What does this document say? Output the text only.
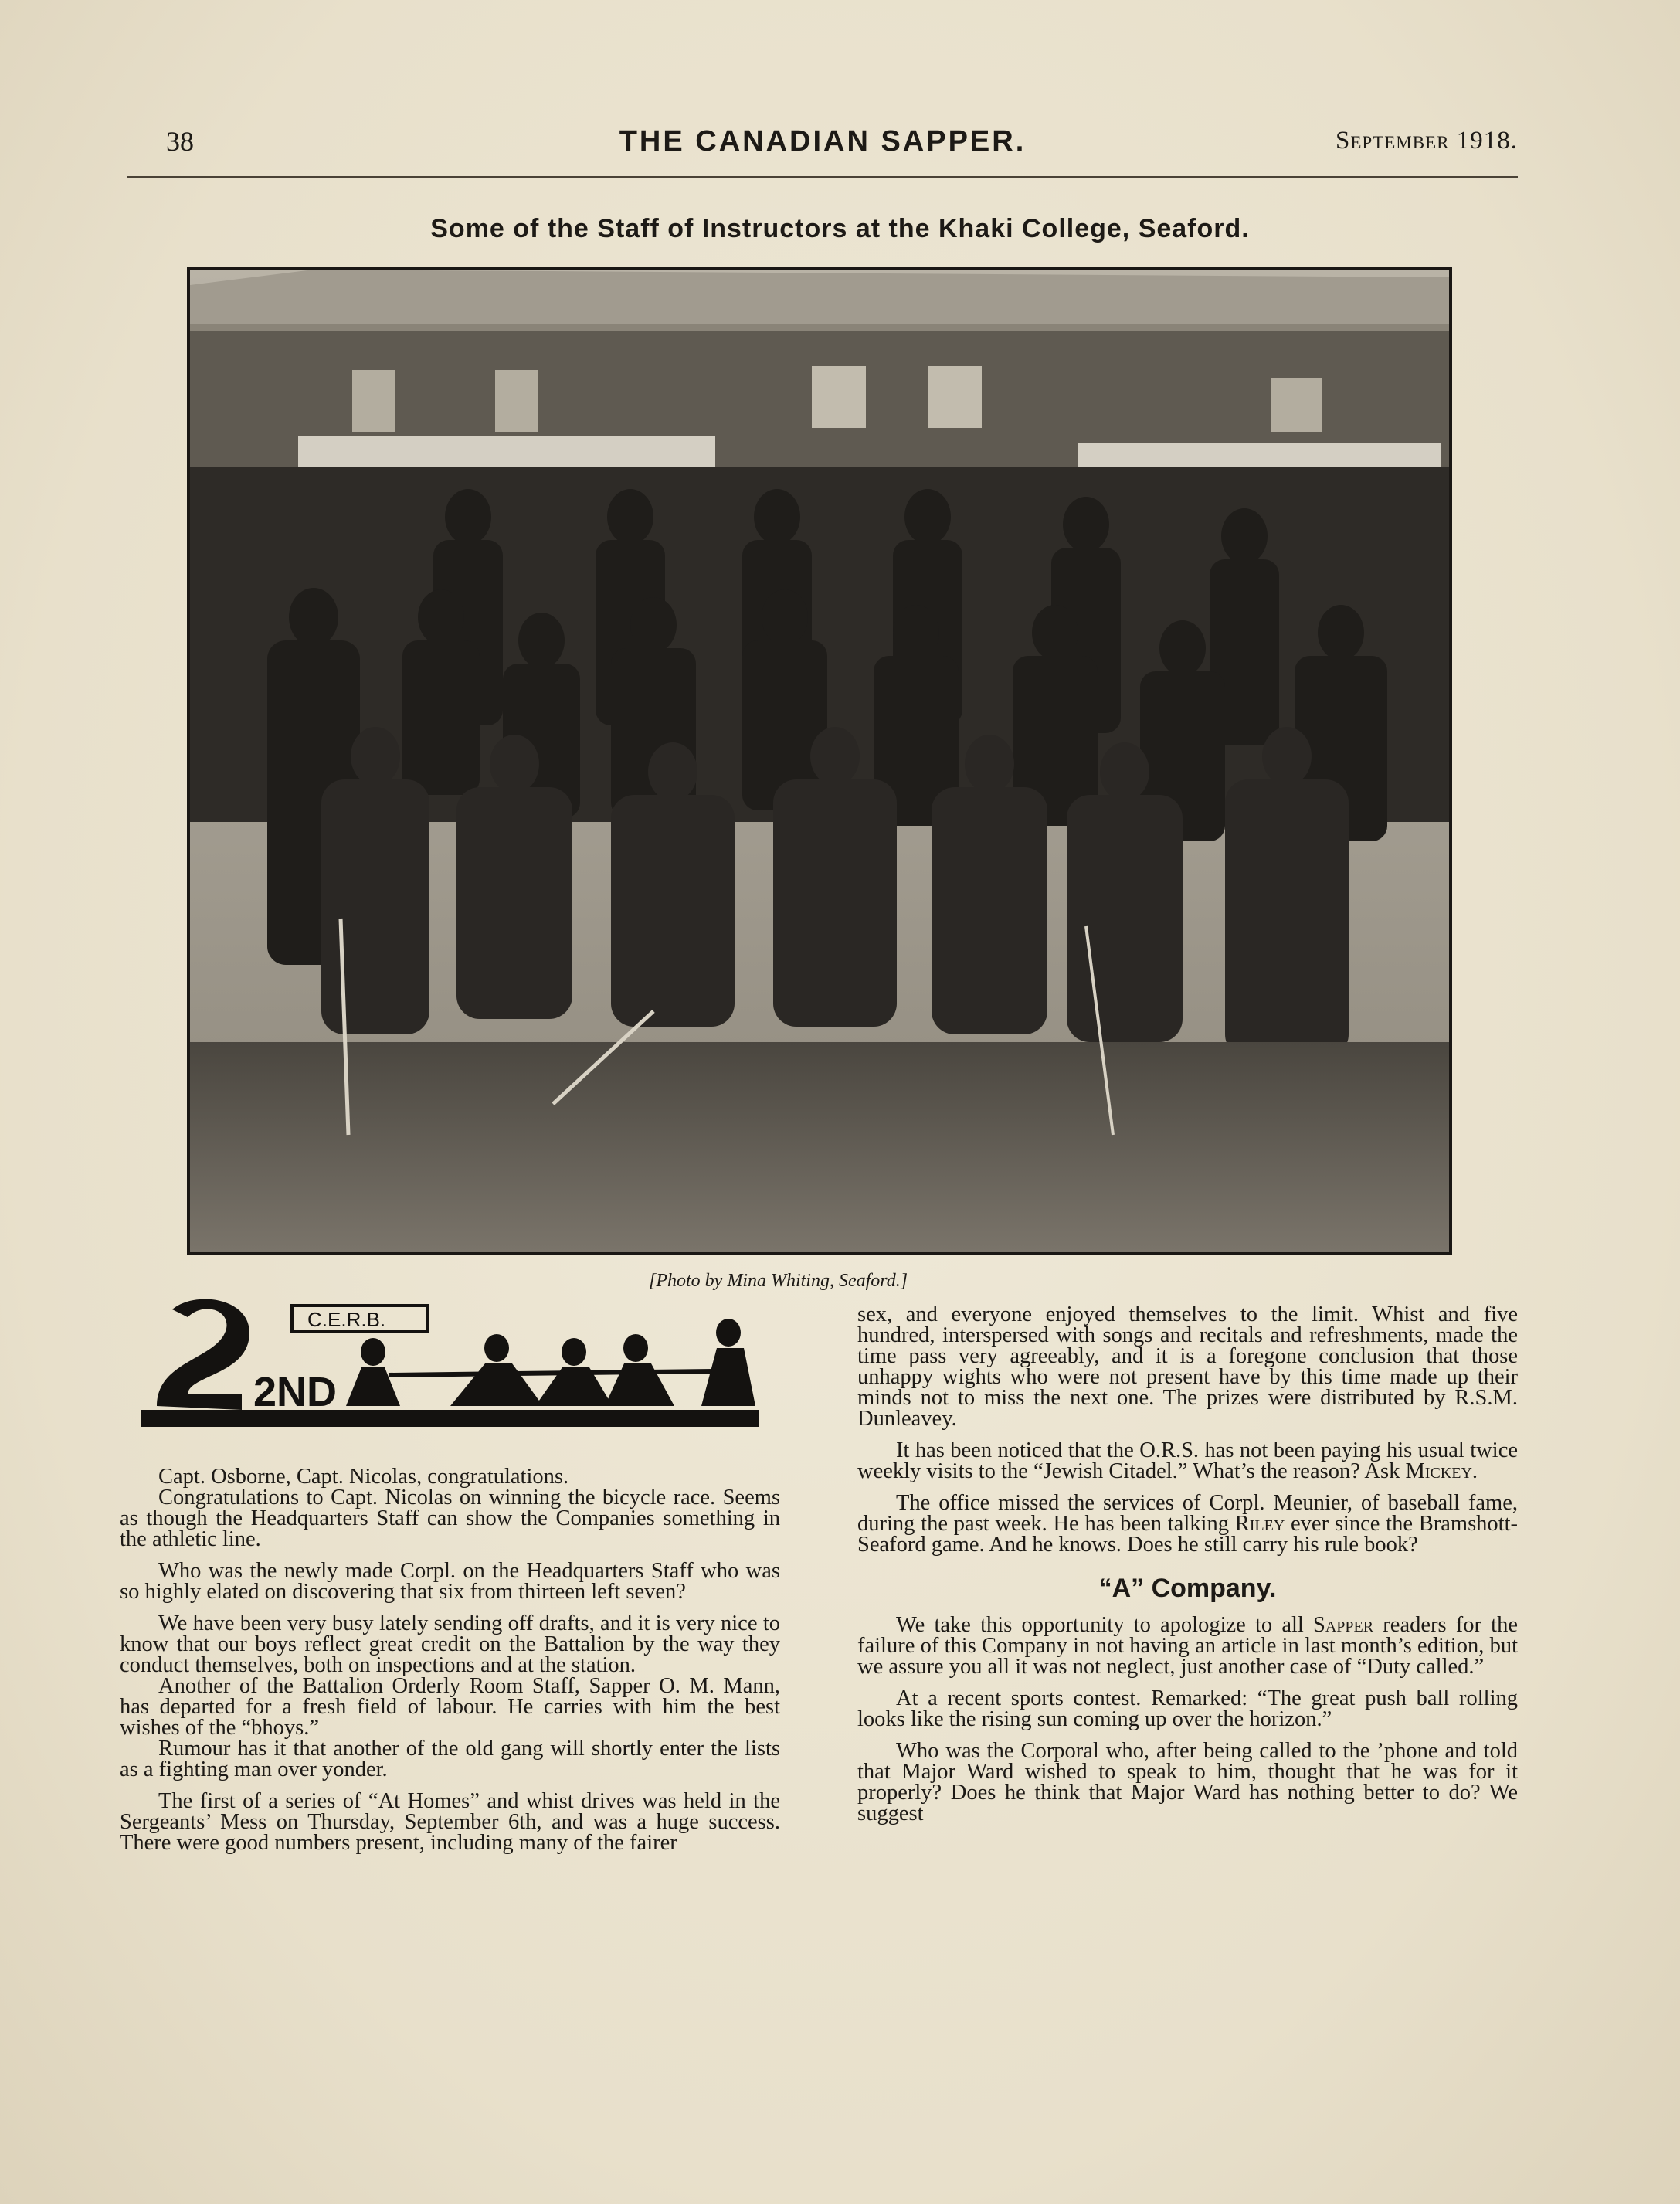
38	THE CANADIAN SAPPER.	September 1918.
Some of the Staff of Instructors at the Khaki College, Seaford.
[Photo by Mina Whiting, Seaford.]
2ND
C.E.R.B.

Capt. Osborne, Capt. Nicolas, congratulations.

Congratulations to Capt. Nicolas on winning the bicycle race. Seems as though the Headquarters Staff can show the Companies something in the athletic line.

Who was the newly made Corpl. on the Headquarters Staff who was so highly elated on discovering that six from thirteen left seven?

We have been very busy lately sending off drafts, and it is very nice to know that our boys reflect great credit on the Battalion by the way they conduct themselves, both on inspections and at the station.

Another of the Battalion Orderly Room Staff, Sapper O. M. Mann, has departed for a fresh field of labour. He carries with him the best wishes of the “bhoys.”

Rumour has it that another of the old gang will shortly enter the lists as a fighting man over yonder.

The first of a series of “At Homes” and whist drives was held in the Sergeants’ Mess on Thursday, September 6th, and was a huge success. There were good numbers present, including many of the fairer

sex, and everyone enjoyed themselves to the limit. Whist and five hundred, interspersed with songs and recitals and refreshments, made the time pass very agreeably, and it is a foregone conclusion that those unhappy wights who were not present have by this time made up their minds not to miss the next one. The prizes were distributed by R.S.M. Dunleavey.

It has been noticed that the O.R.S. has not been paying his usual twice weekly visits to the “Jewish Citadel.” What’s the reason? Ask Mickey.

The office missed the services of Corpl. Meunier, of baseball fame, during the past week. He has been talking Riley ever since the Bramshott-Seaford game. And he knows. Does he still carry his rule book?

“A” Company.

We take this opportunity to apologize to all Sapper readers for the failure of this Company in not having an article in last month’s edition, but we assure you all it was not neglect, just another case of “Duty called.”

At a recent sports contest. Remarked: “The great push ball rolling looks like the rising sun coming up over the horizon.”

Who was the Corporal who, after being called to the ’phone and told that Major Ward wished to speak to him, thought that he was for it properly? Does he think that Major Ward has nothing better to do? We suggest
